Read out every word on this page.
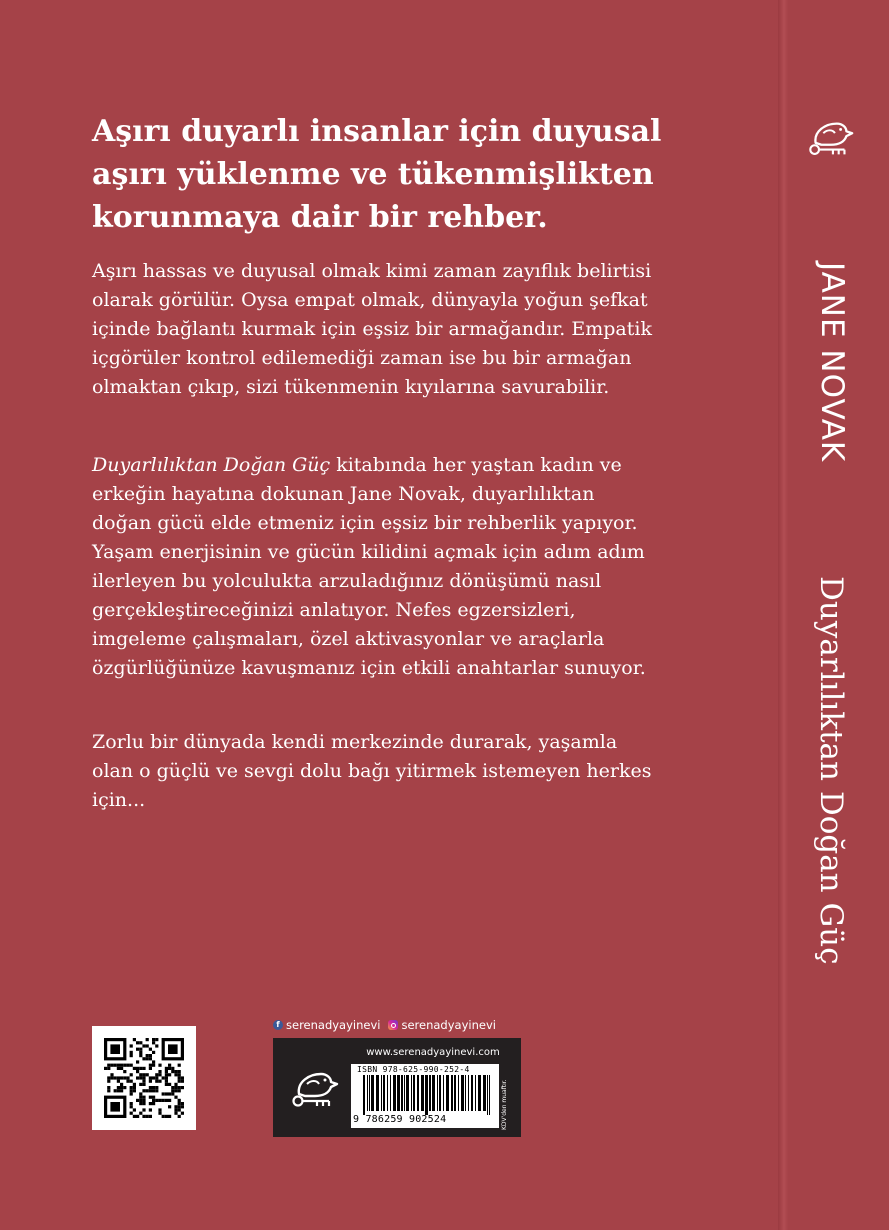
Aşırı duyarlı insanlar için duyusal aşırı yüklenme ve tükenmişlikten korunmaya dair bir rehber.

Aşırı hassas ve duyusal olmak kimi zaman zayıflık belirtisi olarak görülür. Oysa empat olmak, dünyayla yoğun şefkat içinde bağlantı kurmak için eşsiz bir armağandır. Empatik içgörüler kontrol edilemediği zaman ise bu bir armağan olmaktan çıkıp, sizi tükenmenin kıyılarına savurabilir.

Duyarlılıktan Doğan Güç kitabında her yaştan kadın ve erkeğin hayatına dokunan Jane Novak, duyarlılıktan doğan gücü elde etmeniz için eşsiz bir rehberlik yapıyor. Yaşam enerjisinin ve gücün kilidini açmak için adım adım ilerleyen bu yolculukta arzuladığınız dönüşümü nasıl gerçekleştireceğinizi anlatıyor. Nefes egzersizleri, imgeleme çalışmaları, özel aktivasyonlar ve araçlarla özgürlüğünüze kavuşmanız için etkili anahtarlar sunuyor.

Zorlu bir dünyada kendi merkezinde durarak, yaşamla olan o güçlü ve sevgi dolu bağı yitirmek istemeyen herkes için...

f serenadyayinevi serenadyayinevi
www.serenadyayinevi.com
ISBN 978-625-990-252-4
9 786259 902524	KDV'den muaftır.
JANE NOVAK
Duyarlılıktan Doğan Güç
